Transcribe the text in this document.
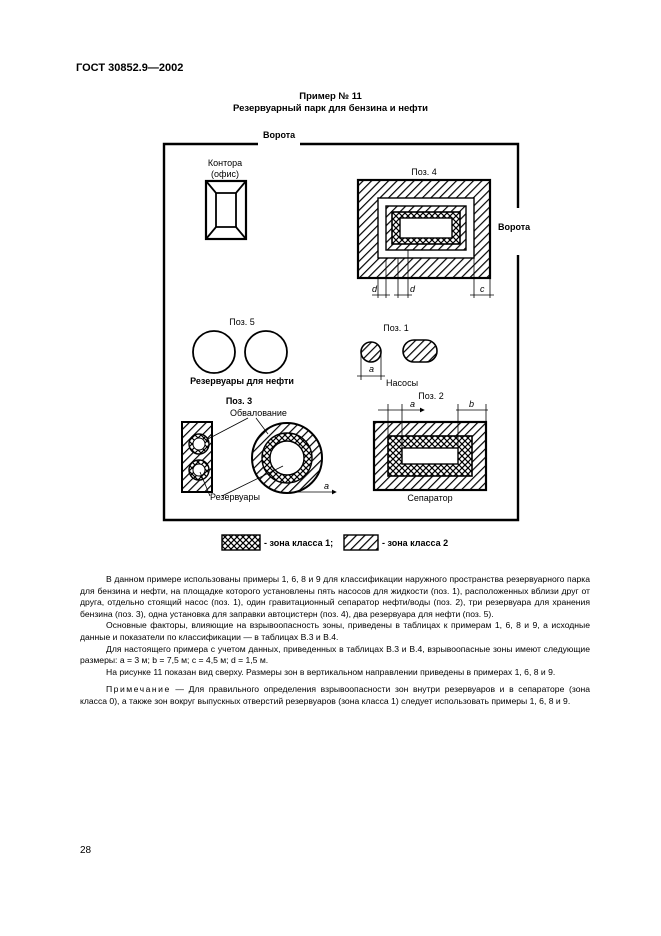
ГОСТ 30852.9—2002
Пример № 11
Резервуарный парк для бензина и нефти
Ворота
Ворота
Контора
(офис)	Поз. 4
d	d	c
Поз. 5
Резервуары для нефти
Поз. 1
a
Насосы
Поз. 2
a	b
Сепаратор
Поз. 3
Обвалование
Резервуары
a
- зона класса 1;	- зона класса 2

В данном примере использованы примеры 1, 6, 8 и 9 для классификации наружного пространства резервуарного парка для бензина и нефти, на площадке которого установлены пять насосов для жидкости (поз. 1), расположенных вблизи друг от друга, отдельно стоящий насос (поз. 1), один гравитационный сепаратор нефти/воды (поз. 2), три резервуара для хранения бензина (поз. 3), одна установка для заправки автоцистерн (поз. 4), два резервуара для нефти (поз. 5).

Основные факторы, влияющие на взрывоопасность зоны, приведены в таблицах к примерам 1, 6, 8 и 9, а исходные данные и показатели по классификации — в таблицах В.3 и В.4.

Для настоящего примера с учетом данных, приведенных в таблицах В.3 и В.4, взрывоопасные зоны имеют следующие размеры: a = 3 м; b = 7,5 м; c = 4,5 м; d = 1,5 м.

На рисунке 11 показан вид сверху. Размеры зон в вертикальном направлении приведены в примерах 1, 6, 8 и 9.

Примечание — Для правильного определения взрывоопасности зон внутри резервуаров и в сепараторе (зона класса 0), а также зон вокруг выпускных отверстий резервуаров (зона класса 1) следует использовать примеры 1, 6, 8 и 9.

28
